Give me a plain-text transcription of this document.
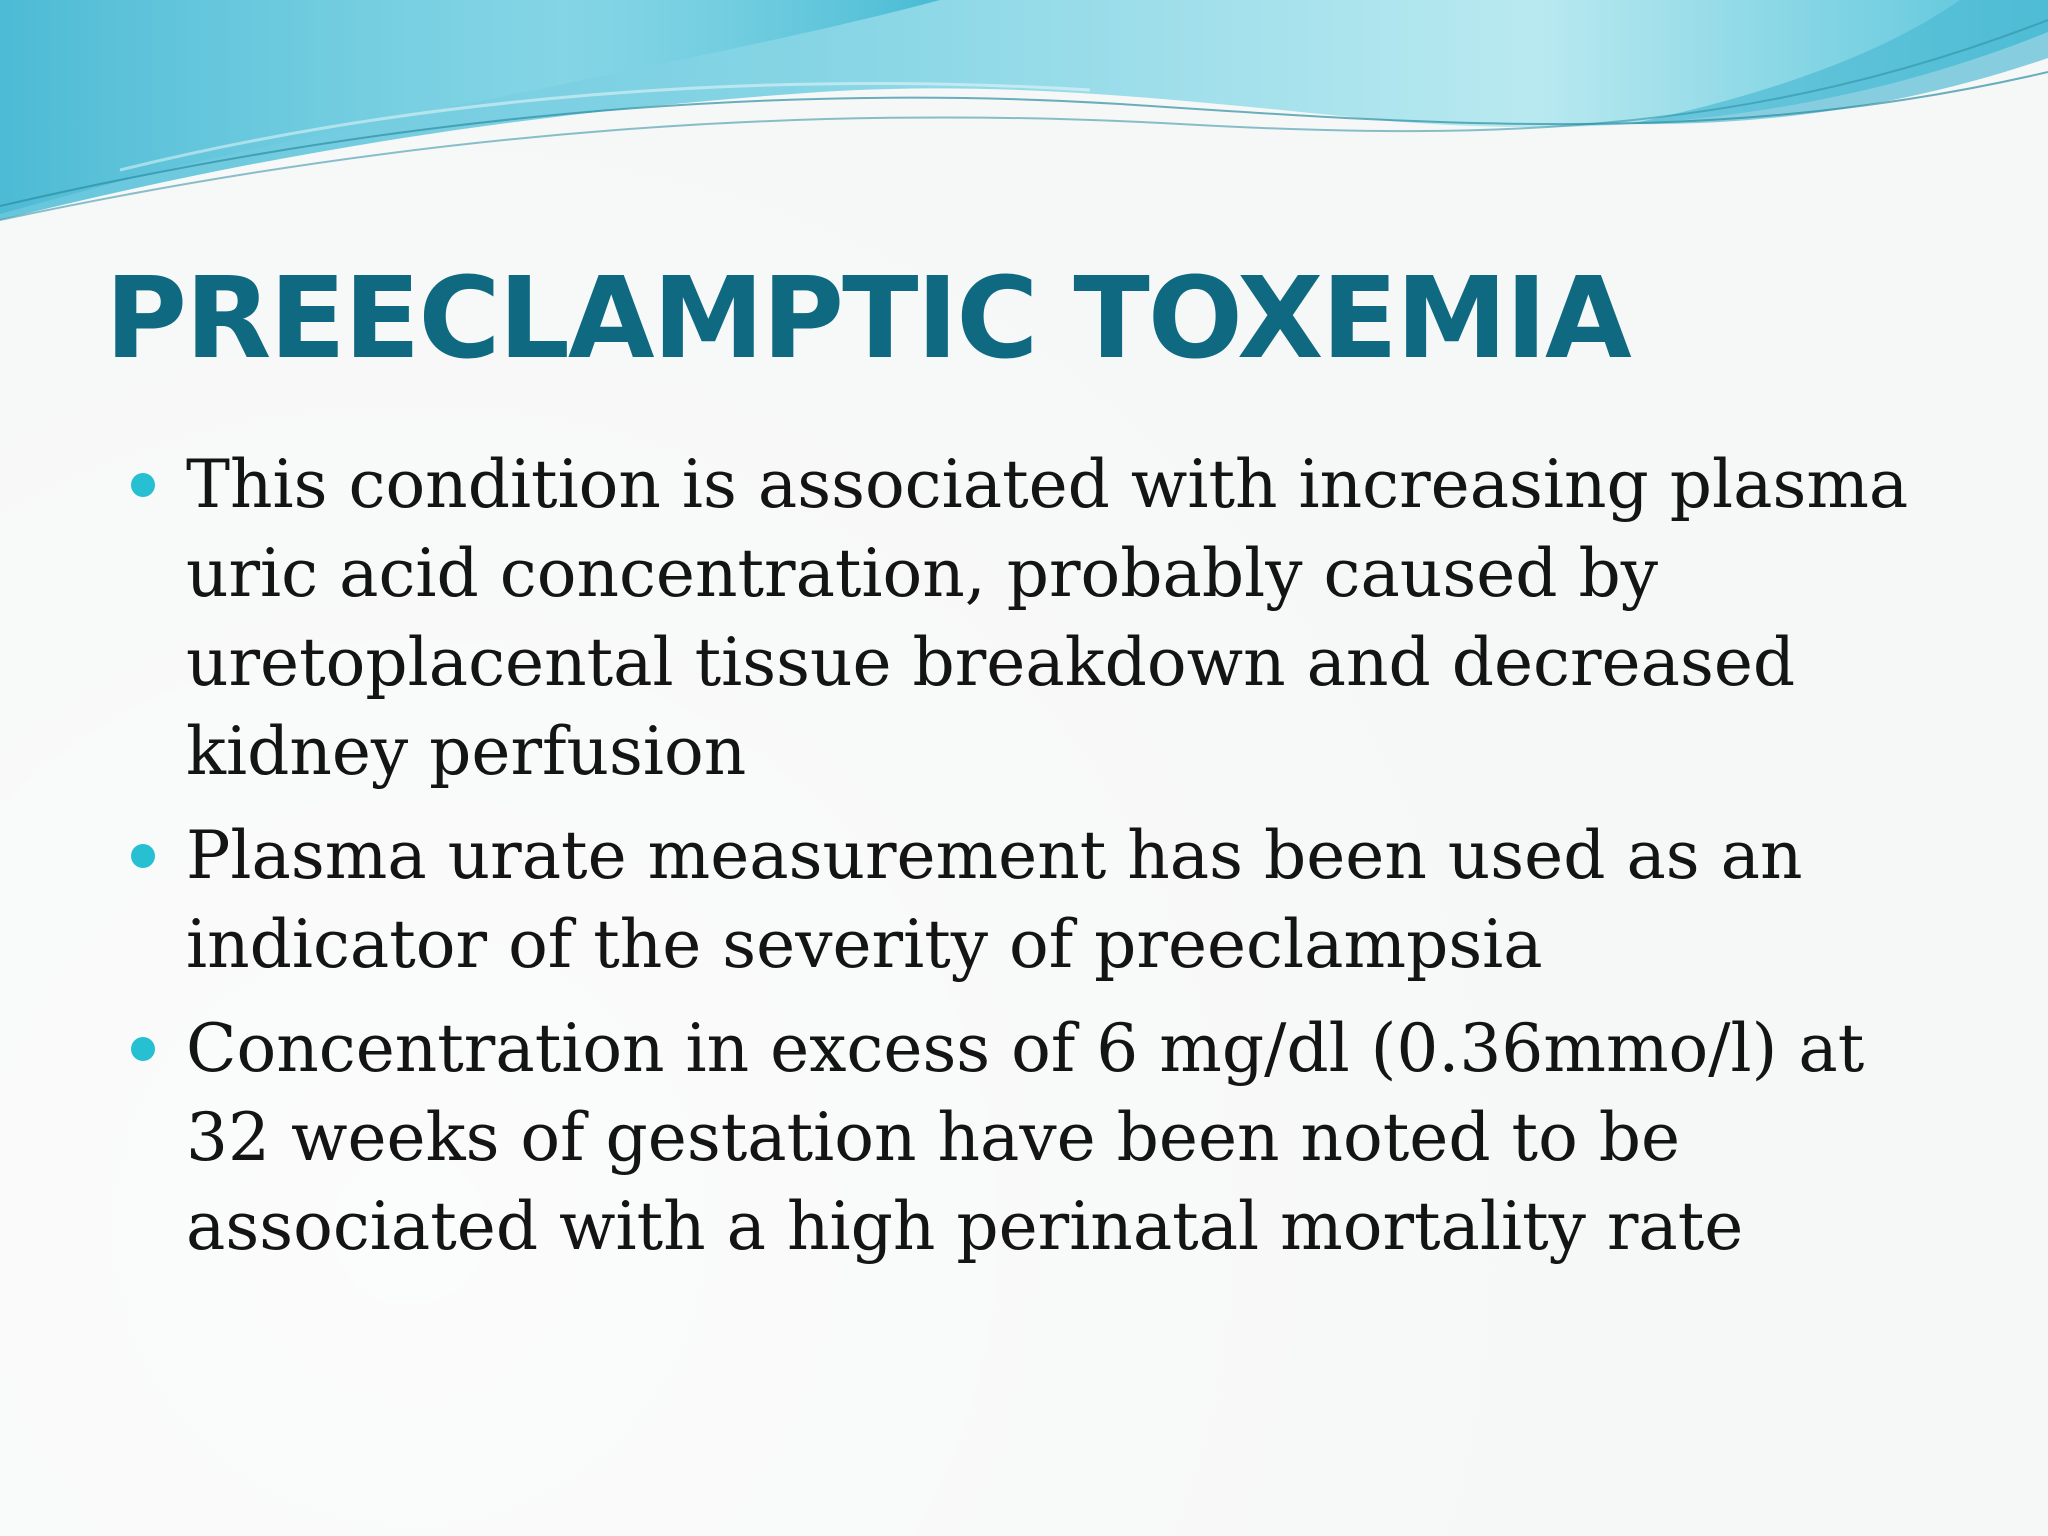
PREECLAMPTIC TOXEMIA
This condition is associated with increasing plasma uric acid concentration, probably caused by uretoplacental tissue breakdown and decreased kidney perfusion
Plasma urate measurement has been used as an indicator of the severity of preeclampsia
Concentration in excess of 6 mg/dl (0.36mmo/l) at 32 weeks of gestation have been noted to be associated with a high perinatal mortality rate
